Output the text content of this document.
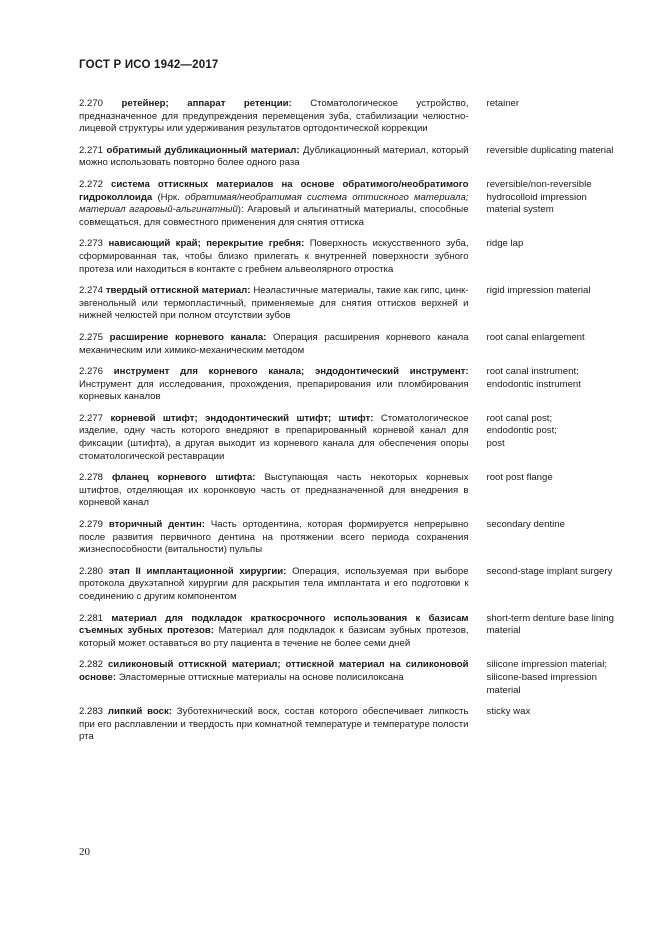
ГОСТ Р ИСО 1942—2017
2.270 ретейнер; аппарат ретенции: Стоматологическое устройство, предназначенное для предупреждения перемещения зуба, стабилизации челюстно-лицевой структуры или удерживания результатов ортодонтической коррекции
retainer
2.271 обратимый дубликационный материал: Дубликационный материал, который можно использовать повторно более одного раза
reversible duplicating material
2.272 система оттискных материалов на основе обратимого/необратимого гидроколлоида (Нрк. обратимая/необратимая система оттискного материала; материал агаровый-альгинатный): Агаровый и альгинатный материалы, способные совмещаться, для совместного применения для снятия оттиска
reversible/non-reversible hydrocolloid impression material system
2.273 нависающий край; перекрытие гребня: Поверхность искусственного зуба, сформированная так, чтобы близко прилегать к внутренней поверхности зубного протеза или находиться в контакте с гребнем альвеолярного отростка
ridge lap
2.274 твердый оттискной материал: Неэластичные материалы, такие как гипс, цинк-эвгенольный или термопластичный, применяемые для снятия оттисков верхней и нижней челюстей при полном отсутствии зубов
rigid impression material
2.275 расширение корневого канала: Операция расширения корневого канала механическим или химико-механическим методом
root canal enlargement
2.276 инструмент для корневого канала; эндодонтический инструмент: Инструмент для исследования, прохождения, препарирования или пломбирования корневых каналов
root canal instrument;
endodontic instrument
2.277 корневой штифт; эндодонтический штифт; штифт: Стоматологическое изделие, одну часть которого внедряют в препарированный корневой канал для фиксации (штифта), а другая выходит из корневого канала для обеспечения опоры стоматологической реставрации
root canal post;
endodontic post;
post
2.278 фланец корневого штифта: Выступающая часть некоторых корневых штифтов, отделяющая их коронковую часть от предназначенной для внедрения в корневой канал
root post flange
2.279 вторичный дентин: Часть ортодентина, которая формируется непрерывно после развития первичного дентина на протяжении всего периода сохранения жизнеспособности (витальности) пульпы
secondary dentine
2.280 этап II имплантационной хирургии: Операция, используемая при выборе протокола двухэтапной хирургии для раскрытия тела имплантата и его подготовки к соединению с другим компонентом
second-stage implant surgery
2.281 материал для подкладок краткосрочного использования к базисам съемных зубных протезов: Материал для подкладок к базисам зубных протезов, который может оставаться во рту пациента в течение не более семи дней
short-term denture base lining material
2.282 силиконовый оттискной материал; оттискной материал на силиконовой основе: Эластомерные оттискные материалы на основе полисилоксана
silicone impression material;
silicone-based impression material
2.283 липкий воск: Зуботехнический воск, состав которого обеспечивает липкость при его расплавлении и твердость при комнатной температуре и температуре полости рта
sticky wax
20
